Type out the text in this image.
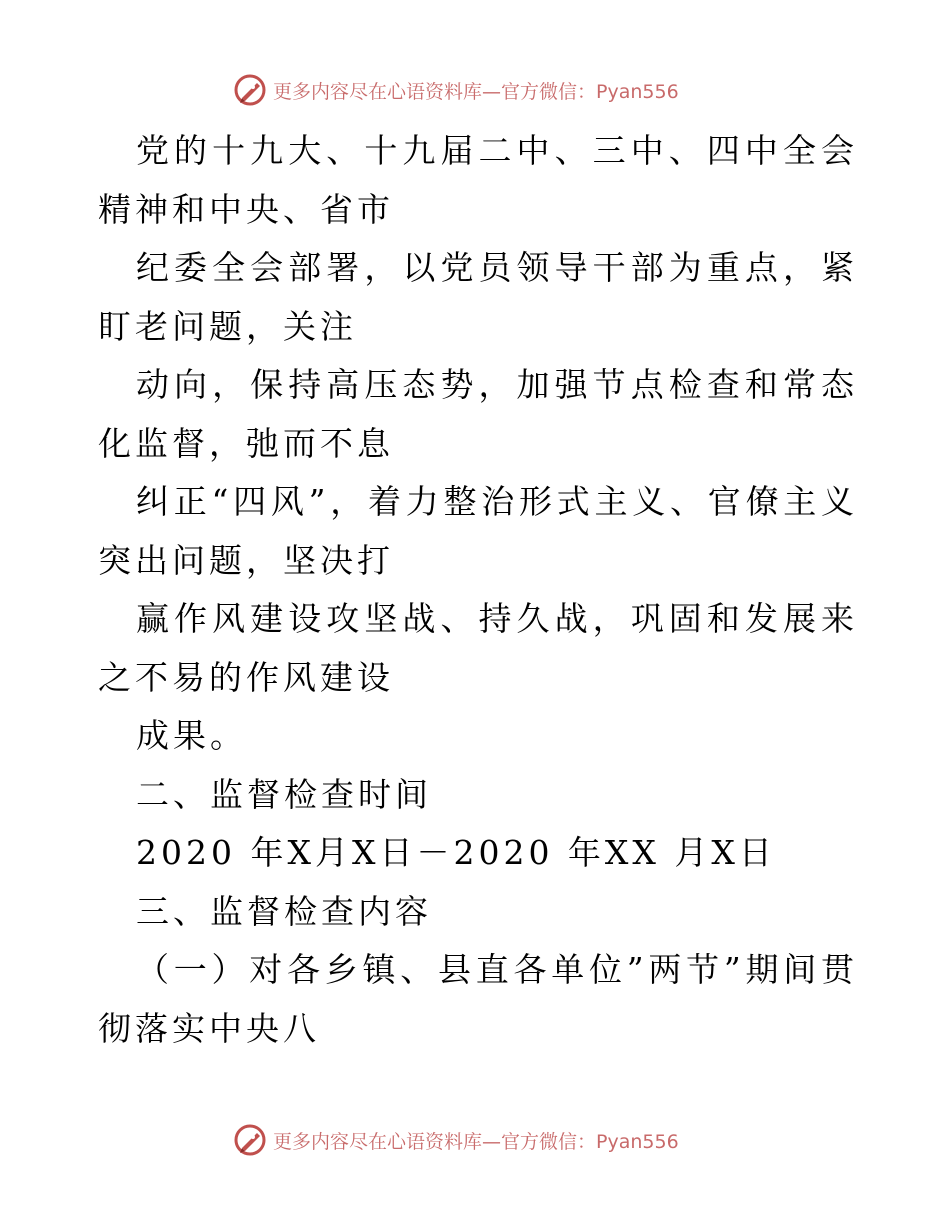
更多内容尽在心语资料库—官方微信：Pyan556

党的十九大、十九届二中、三中、四中全会精神和中央、省市

纪委全会部署，以党员领导干部为重点，紧盯老问题，关注

动向，保持高压态势，加强节点检查和常态化监督，弛而不息

纠正“四风”，着力整治形式主义、官僚主义突出问题，坚决打

赢作风建设攻坚战、持久战，巩固和发展来之不易的作风建设

成果。

二、监督检查时间

2020 年X月X日－2020 年XX 月X日

三、监督检查内容

（一）对各乡镇、县直各单位”两节”期间贯彻落实中央八

更多内容尽在心语资料库—官方微信：Pyan556
